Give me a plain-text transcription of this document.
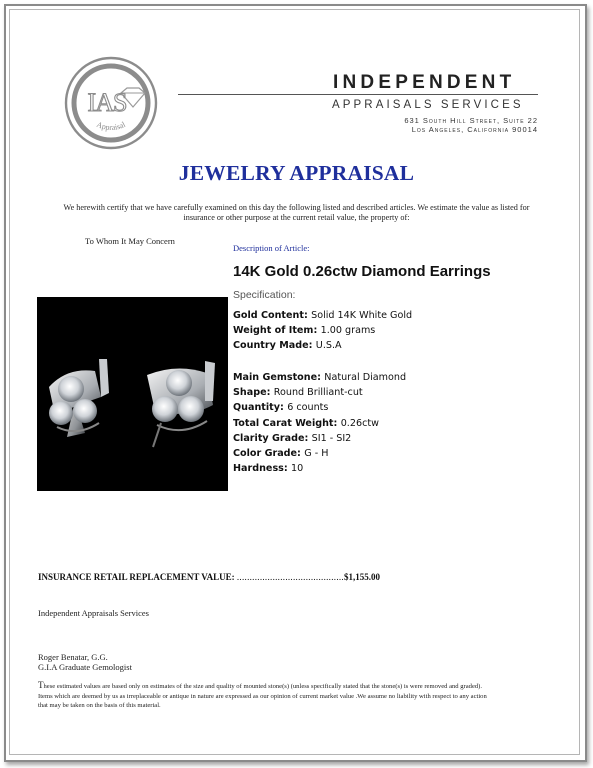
IAS
Appraisal
INDEPENDENT
APPRAISALS SERVICES
631 South Hill Street, Suite 22
Los Angeles, California 90014
JEWELRY APPRAISAL
We herewith certify that we have carefully examined on this day the following listed and described articles. We estimate the value as listed for
insurance or other purpose at the current retail value, the property of:
To Whom It May Concern
Description of Article:
14K Gold 0.26ctw Diamond Earrings
Specification:
Gold Content: Solid 14K White Gold
Weight of Item: 1.00 grams
Country Made: U.S.A
Main Gemstone: Natural Diamond
Shape: Round Brilliant-cut
Quantity: 6 counts
Total Carat Weight: 0.26ctw
Clarity Grade: SI1 - SI2
Color Grade: G - H
Hardness: 10
INSURANCE RETAIL REPLACEMENT VALUE: ..........................................$1,155.00
Independent Appraisals Services
Roger Benatar, G.G.
G.I.A Graduate Gemologist
These estimated values are based only on estimates of the size and quality of mounted stone(s) (unless specifically stated that the stone(s) is were removed and graded). Items which are deemed by us as irreplaceable or antique in nature are expressed as our opinion of current market value .We assume no liability with respect to any action that may be taken on the basis of this material.
